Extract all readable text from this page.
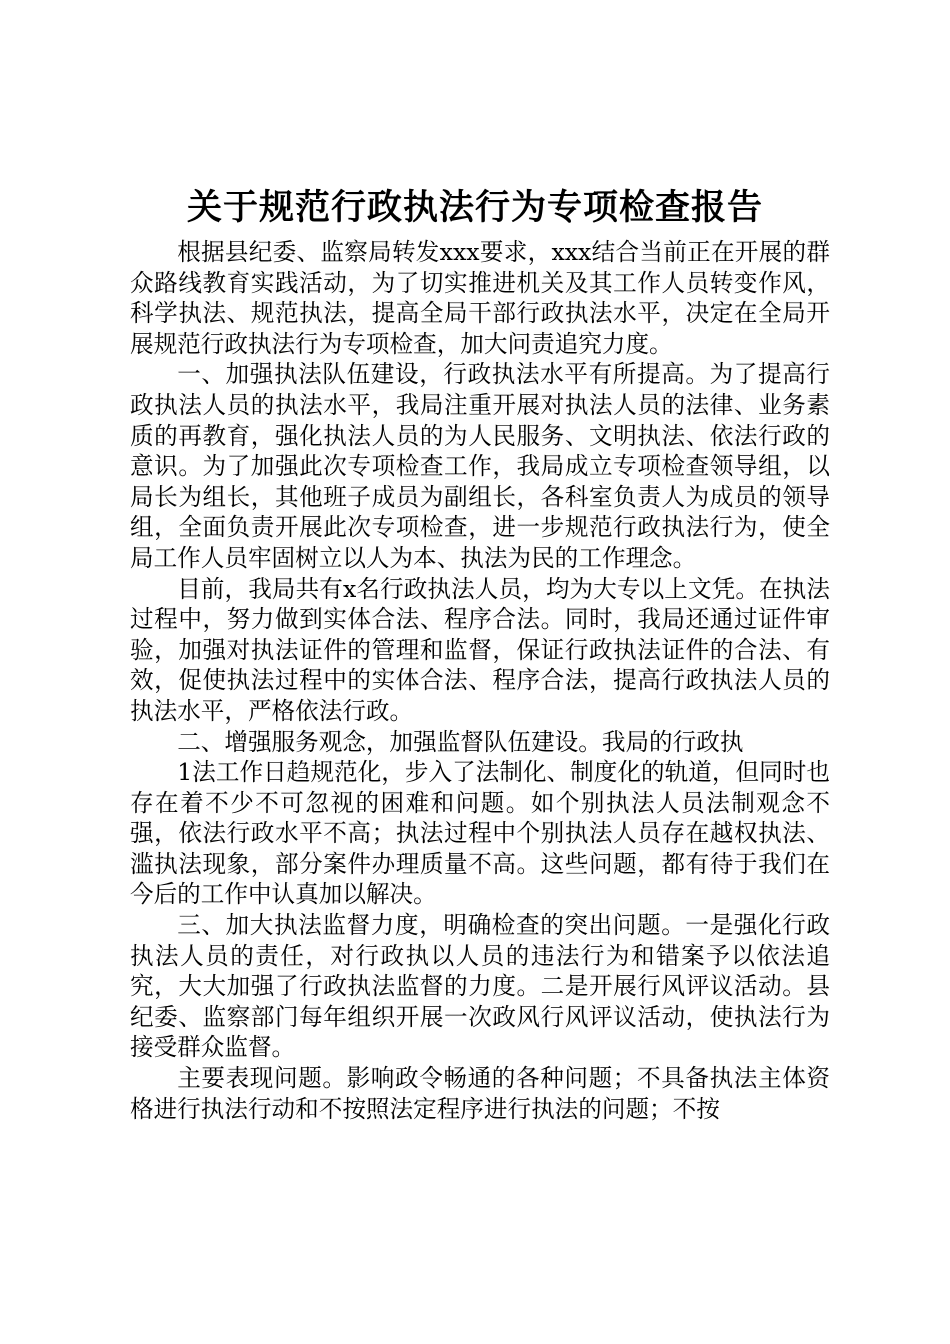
关于规范行政执法行为专项检查报告

根据县纪委、监察局转发xxx要求，xxx结合当前正在开展的群众路线教育实践活动，为了切实推进机关及其工作人员转变作风，科学执法、规范执法，提高全局干部行政执法水平，决定在全局开展规范行政执法行为专项检查，加大问责追究力度。

一、加强执法队伍建设，行政执法水平有所提高。为了提高行政执法人员的执法水平，我局注重开展对执法人员的法律、业务素质的再教育，强化执法人员的为人民服务、文明执法、依法行政的意识。为了加强此次专项检查工作，我局成立专项检查领导组，以局长为组长，其他班子成员为副组长，各科室负责人为成员的领导组，全面负责开展此次专项检查，进一步规范行政执法行为，使全局工作人员牢固树立以人为本、执法为民的工作理念。

目前，我局共有x名行政执法人员，均为大专以上文凭。在执法过程中，努力做到实体合法、程序合法。同时，我局还通过证件审验，加强对执法证件的管理和监督，保证行政执法证件的合法、有效，促使执法过程中的实体合法、程序合法，提高行政执法人员的执法水平，严格依法行政。

二、增强服务观念，加强监督队伍建设。我局的行政执

1法工作日趋规范化，步入了法制化、制度化的轨道，但同时也存在着不少不可忽视的困难和问题。如个别执法人员法制观念不强，依法行政水平不高；执法过程中个别执法人员存在越权执法、滥执法现象，部分案件办理质量不高。这些问题，都有待于我们在今后的工作中认真加以解决。

三、加大执法监督力度，明确检查的突出问题。一是强化行政执法人员的责任，对行政执以人员的违法行为和错案予以依法追究，大大加强了行政执法监督的力度。二是开展行风评议活动。县纪委、监察部门每年组织开展一次政风行风评议活动，使执法行为接受群众监督。

主要表现问题。影响政令畅通的各种问题；不具备执法主体资格进行执法行动和不按照法定程序进行执法的问题；不按
